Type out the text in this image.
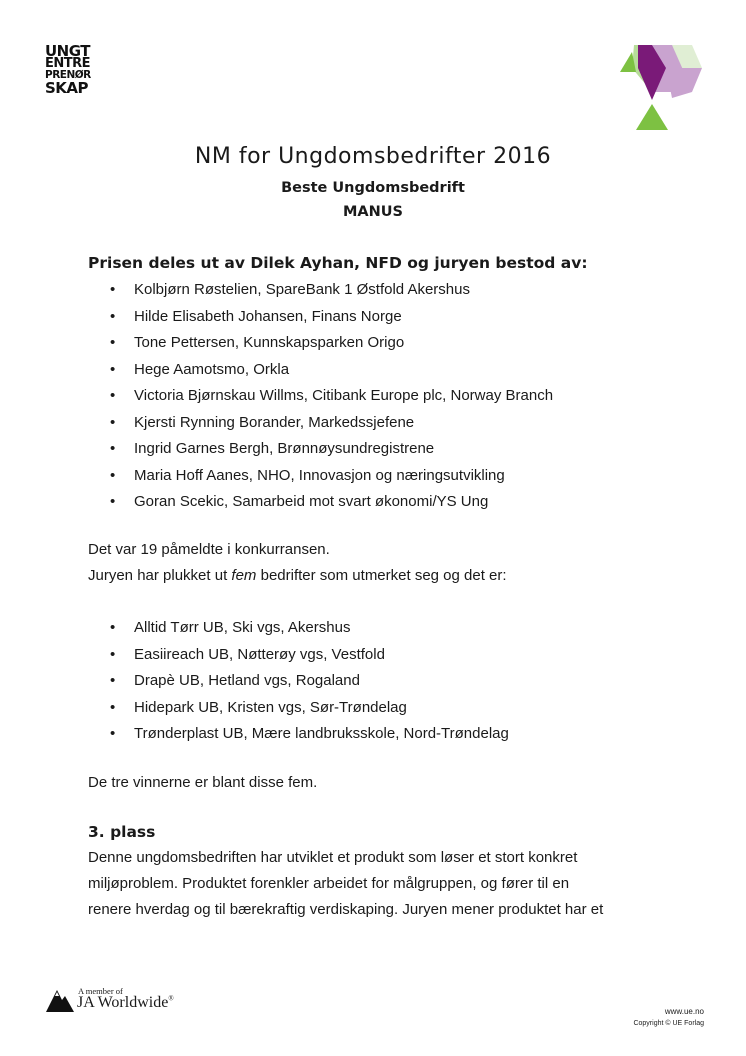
UNGT
ENTRE
PRENØR
SKAP
NM for Ungdomsbedrifter 2016
Beste Ungdomsbedrift
MANUS
Prisen deles ut av Dilek Ayhan, NFD og juryen bestod av:
• Kolbjørn Røstelien, SpareBank 1 Østfold Akershus
• Hilde Elisabeth Johansen, Finans Norge
• Tone Pettersen, Kunnskapsparken Origo
• Hege Aamotsmo, Orkla
• Victoria Bjørnskau Willms, Citibank Europe plc, Norway Branch
• Kjersti Rynning Borander, Markedssjefene
• Ingrid Garnes Bergh, Brønnøysundregistrene
• Maria Hoff Aanes, NHO, Innovasjon og næringsutvikling
• Goran Scekic, Samarbeid mot svart økonomi/YS Ung
Det var 19 påmeldte i konkurransen.
Juryen har plukket ut fem bedrifter som utmerket seg og det er:
• Alltid Tørr UB, Ski vgs, Akershus
• Easiireach UB, Nøtterøy vgs, Vestfold
• Drapè UB, Hetland vgs, Rogaland
• Hidepark UB, Kristen vgs, Sør-Trøndelag
• Trønderplast UB, Mære landbruksskole, Nord-Trøndelag
De tre vinnerne er blant disse fem.
3. plass
Denne ungdomsbedriften har utviklet et produkt som løser et stort konkret
miljøproblem. Produktet forenkler arbeidet for målgruppen, og fører til en
renere hverdag og til bærekraftig verdiskaping. Juryen mener produktet har et
A member of
JA Worldwide®
www.ue.no
Copyright © UE Forlag
